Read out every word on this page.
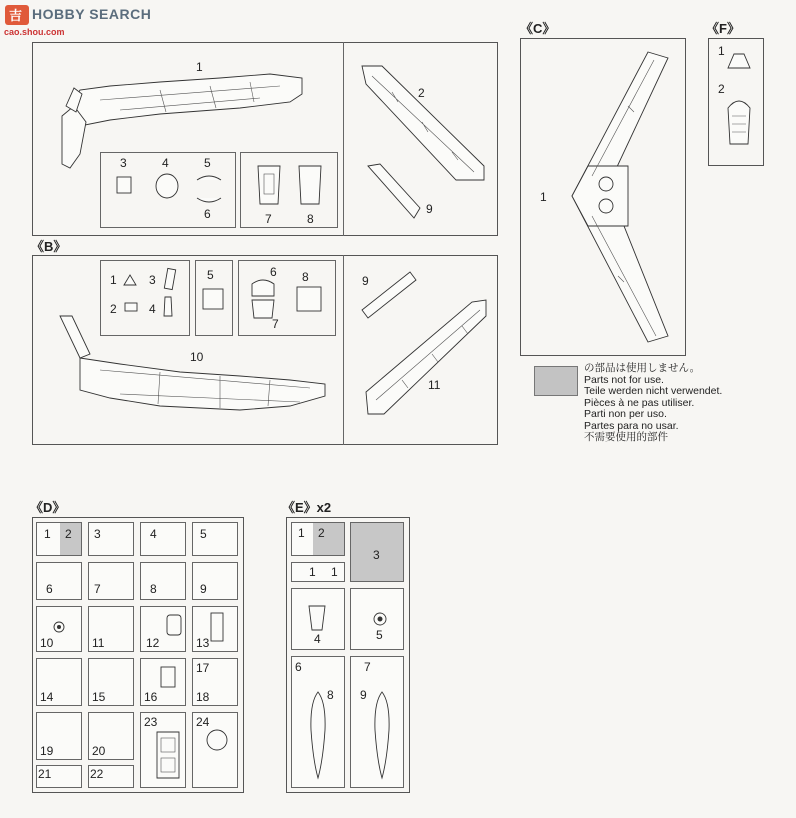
吉 HOBBY SEARCH
cao.shou.com
1
2
9
3	4	5
6	7	8
《B》
1	3
2	4
5	6
7
8
10
9
11
《C》
1
《F》
1
2
の部品は使用しません。
Parts not for use.
Teile werden nicht verwendet.
Pièces à ne pas utiliser.
Parti non per uso.
Partes para no usar.
不需要使用的部件
《D》
1 2 3	4	5
6	7	8	9
10	11	12	13
14	15	16
17
18
19	20
23	24
21	22
《E》x2
1 2
3
1 1
4	5
6
8
7
9
